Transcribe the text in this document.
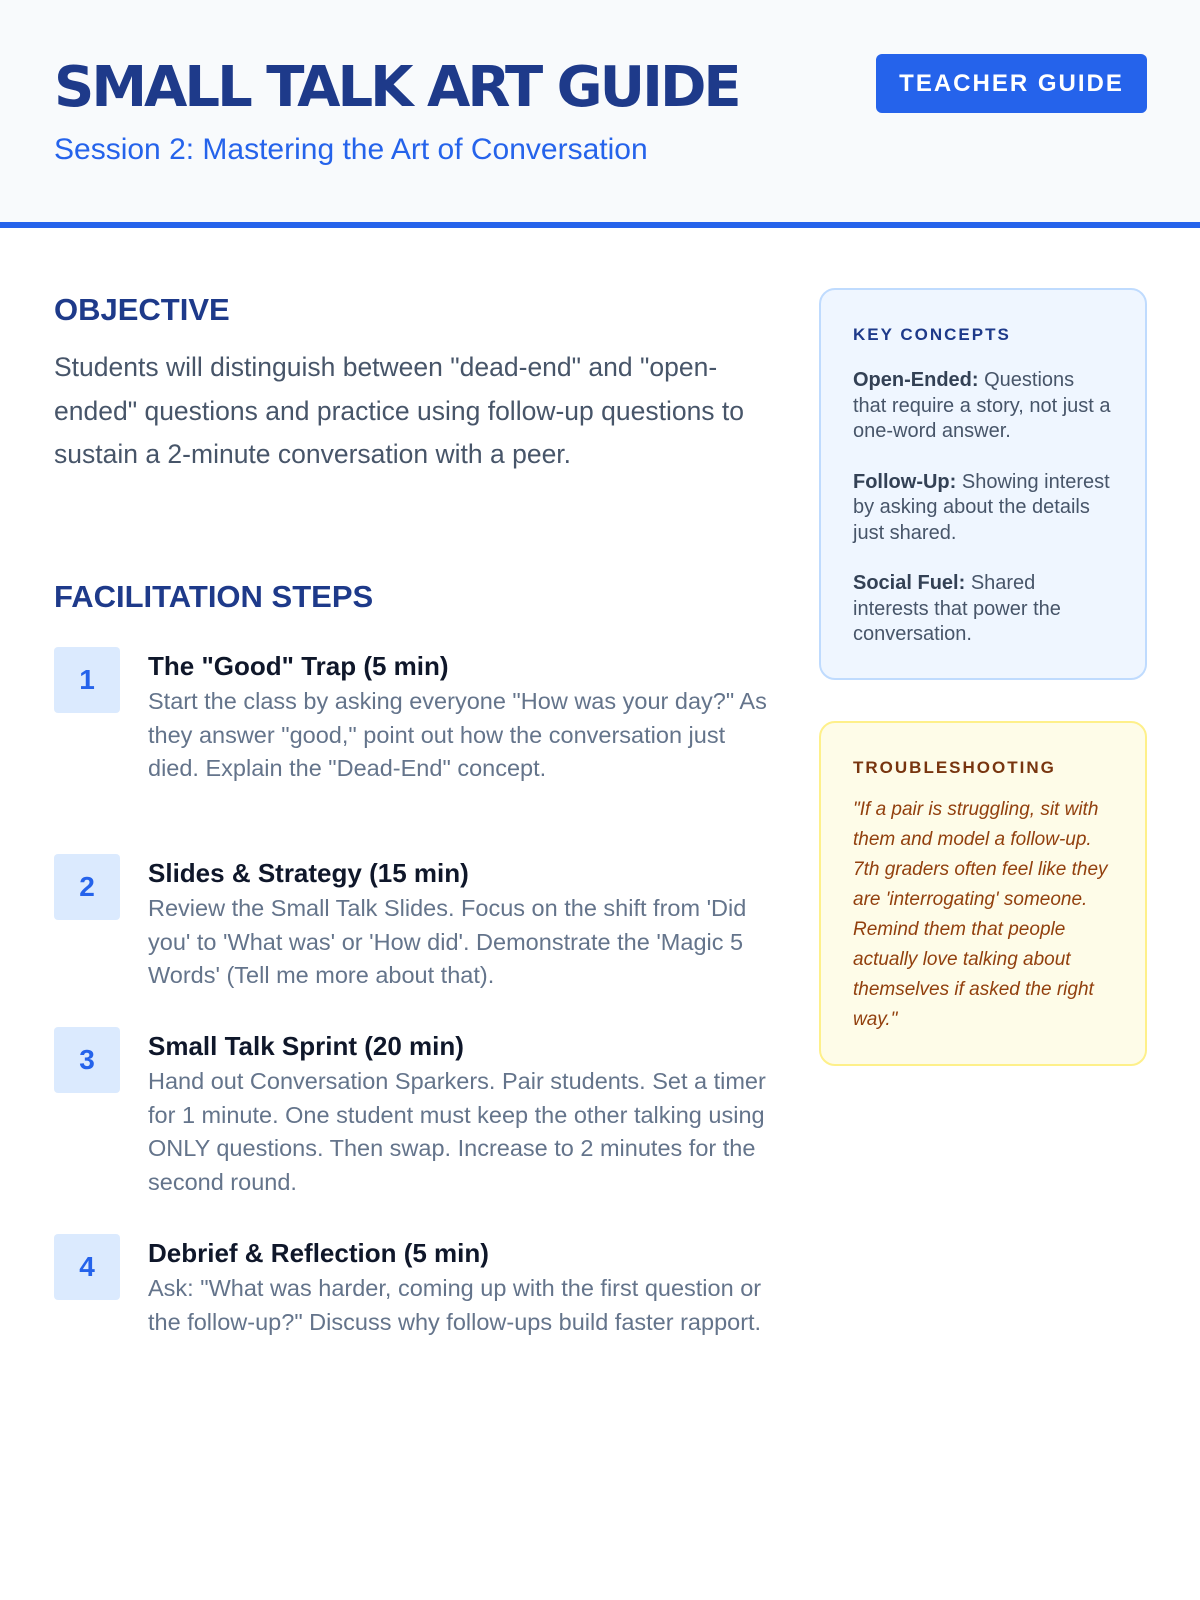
SMALL TALK ART GUIDE
Session 2: Mastering the Art of Conversation
TEACHER GUIDE
OBJECTIVE

Students will distinguish between "dead-end" and "open-ended" questions and practice using follow-up questions to sustain a 2-minute conversation with a peer.

FACILITATION STEPS
1	The "Good" Trap (5 min)
Start the class by asking everyone "How was your day?" As they answer "good," point out how the conversation just died. Explain the "Dead-End" concept.
2	Slides & Strategy (15 min)
Review the Small Talk Slides. Focus on the shift from 'Did you' to 'What was' or 'How did'. Demonstrate the 'Magic 5 Words' (Tell me more about that).
3	Small Talk Sprint (20 min)
Hand out Conversation Sparkers. Pair students. Set a timer for 1 minute. One student must keep the other talking using ONLY questions. Then swap. Increase to 2 minutes for the second round.
4	Debrief & Reflection (5 min)
Ask: "What was harder, coming up with the first question or the follow-up?" Discuss why follow-ups build faster rapport.
KEY CONCEPTS

Open-Ended: Questions that require a story, not just a one-word answer.

Follow-Up: Showing interest by asking about the details just shared.

Social Fuel: Shared interests that power the conversation.

TROUBLESHOOTING

"If a pair is struggling, sit with them and model a follow-up. 7th graders often feel like they are 'interrogating' someone. Remind them that people actually love talking about themselves if asked the right way."
